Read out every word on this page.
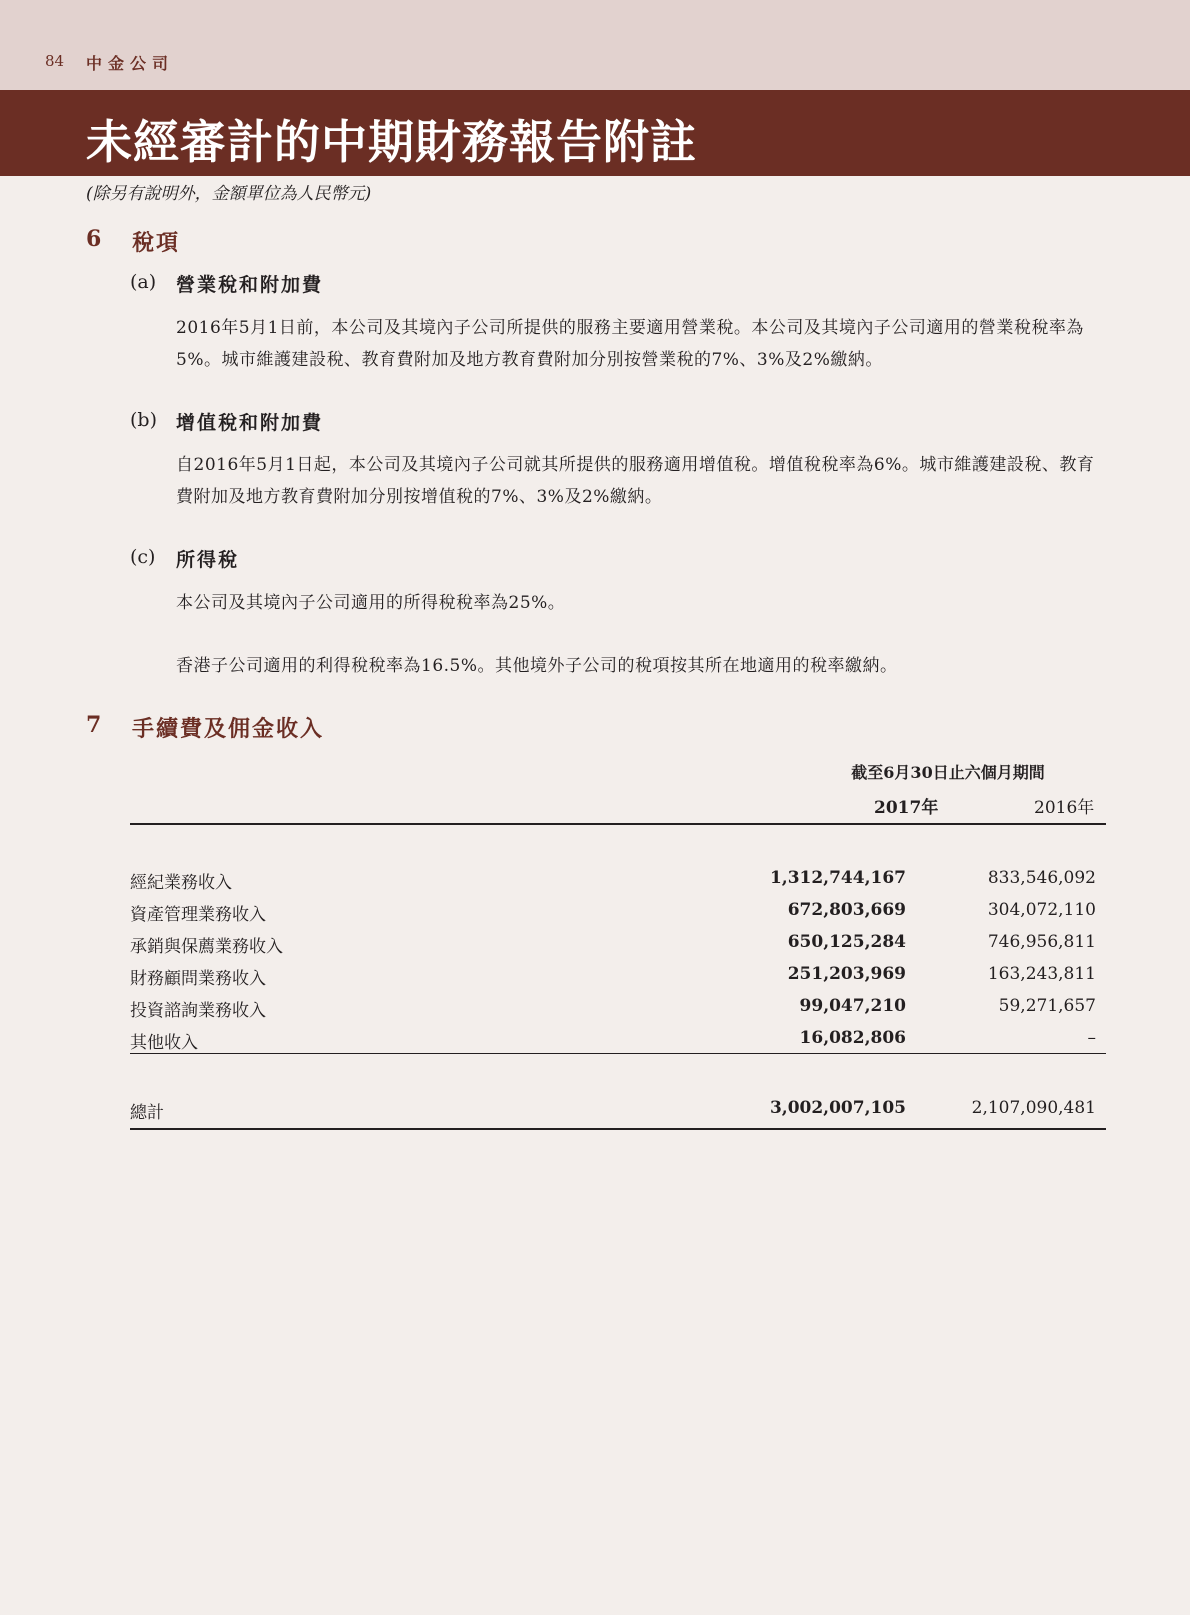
84 中金公司
未經審計的中期財務報告附註
(除另有說明外，金額單位為人民幣元)
6 稅項
(a) 營業稅和附加費
2016年5月1日前，本公司及其境內子公司所提供的服務主要適用營業稅。本公司及其境內子公司適用的營業稅稅率為5%。城市維護建設稅、教育費附加及地方教育費附加分別按營業稅的7%、3%及2%繳納。
(b) 增值稅和附加費
自2016年5月1日起，本公司及其境內子公司就其所提供的服務適用增值稅。增值稅稅率為6%。城市維護建設稅、教育費附加及地方教育費附加分別按增值稅的7%、3%及2%繳納。
(c) 所得稅
本公司及其境內子公司適用的所得稅稅率為25%。
香港子公司適用的利得稅稅率為16.5%。其他境外子公司的稅項按其所在地適用的稅率繳納。
7 手續費及佣金收入
截至6月30日止六個月期間
2017年	2016年
經紀業務收入	1,312,744,167	833,546,092
資產管理業務收入	672,803,669	304,072,110
承銷與保薦業務收入	650,125,284	746,956,811
財務顧問業務收入	251,203,969	163,243,811
投資諮詢業務收入	99,047,210	59,271,657
其他收入	16,082,806	–
總計	3,002,007,105	2,107,090,481
